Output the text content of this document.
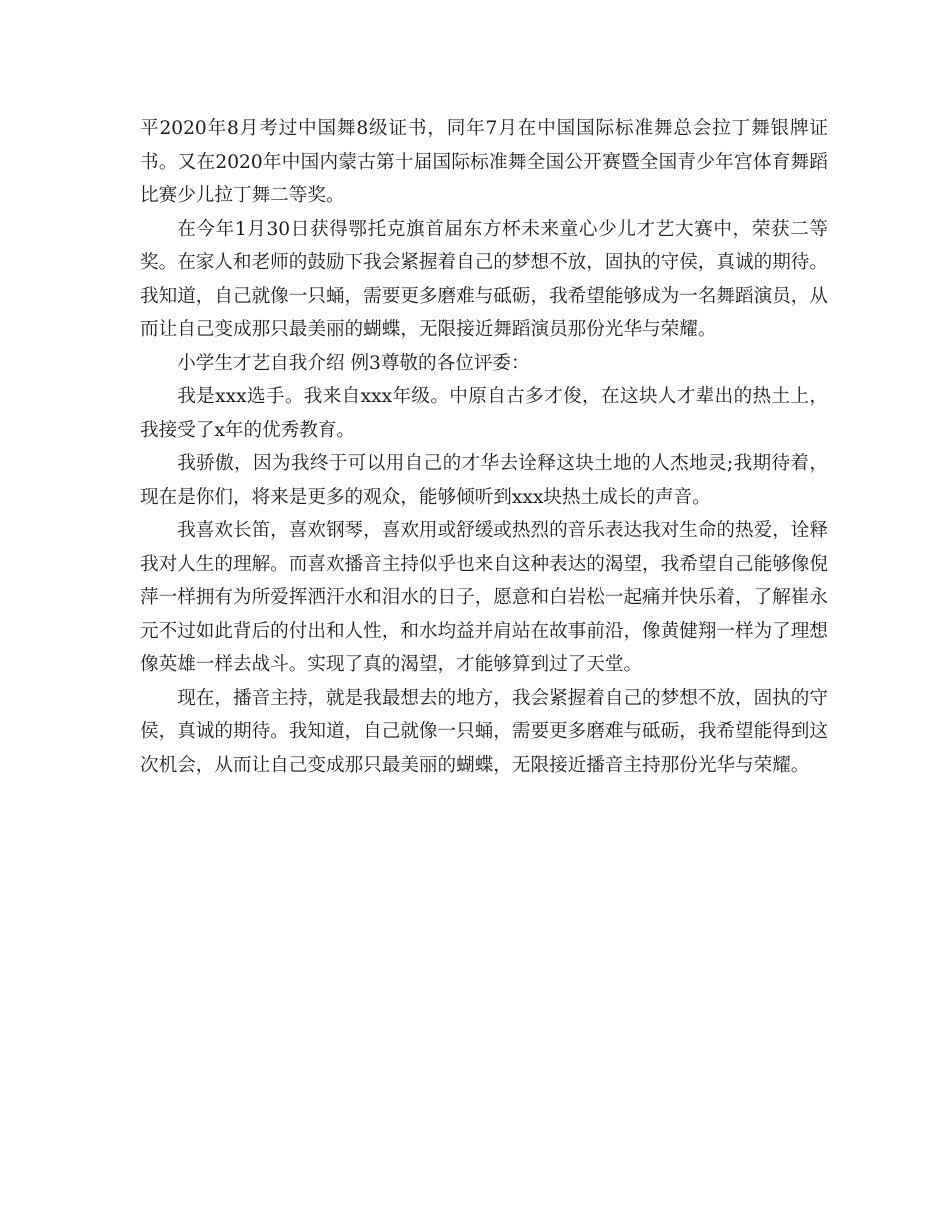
平2020年8月考过中国舞8级证书，同年7月在中国国际标准舞总会拉丁舞银牌证书。又在2020年中国内蒙古第十届国际标准舞全国公开赛暨全国青少年宫体育舞蹈比赛少儿拉丁舞二等奖。

在今年1月30日获得鄂托克旗首届东方杯未来童心少儿才艺大赛中，荣获二等奖。在家人和老师的鼓励下我会紧握着自己的梦想不放，固执的守侯，真诚的期待。我知道，自己就像一只蛹，需要更多磨难与砥砺，我希望能够成为一名舞蹈演员，从而让自己变成那只最美丽的蝴蝶，无限接近舞蹈演员那份光华与荣耀。

小学生才艺自我介绍 例3尊敬的各位评委：

我是xxx选手。我来自xxx年级。中原自古多才俊，在这块人才辈出的热土上，我接受了x年的优秀教育。

我骄傲，因为我终于可以用自己的才华去诠释这块土地的人杰地灵;我期待着，现在是你们，将来是更多的观众，能够倾听到xxx块热土成长的声音。

我喜欢长笛，喜欢钢琴，喜欢用或舒缓或热烈的音乐表达我对生命的热爱，诠释我对人生的理解。而喜欢播音主持似乎也来自这种表达的渴望，我希望自己能够像倪萍一样拥有为所爱挥洒汗水和泪水的日子，愿意和白岩松一起痛并快乐着，了解崔永元不过如此背后的付出和人性，和水均益并肩站在故事前沿，像黄健翔一样为了理想像英雄一样去战斗。实现了真的渴望，才能够算到过了天堂。

现在，播音主持，就是我最想去的地方，我会紧握着自己的梦想不放，固执的守侯，真诚的期待。我知道，自己就像一只蛹，需要更多磨难与砥砺，我希望能得到这次机会，从而让自己变成那只最美丽的蝴蝶，无限接近播音主持那份光华与荣耀。
